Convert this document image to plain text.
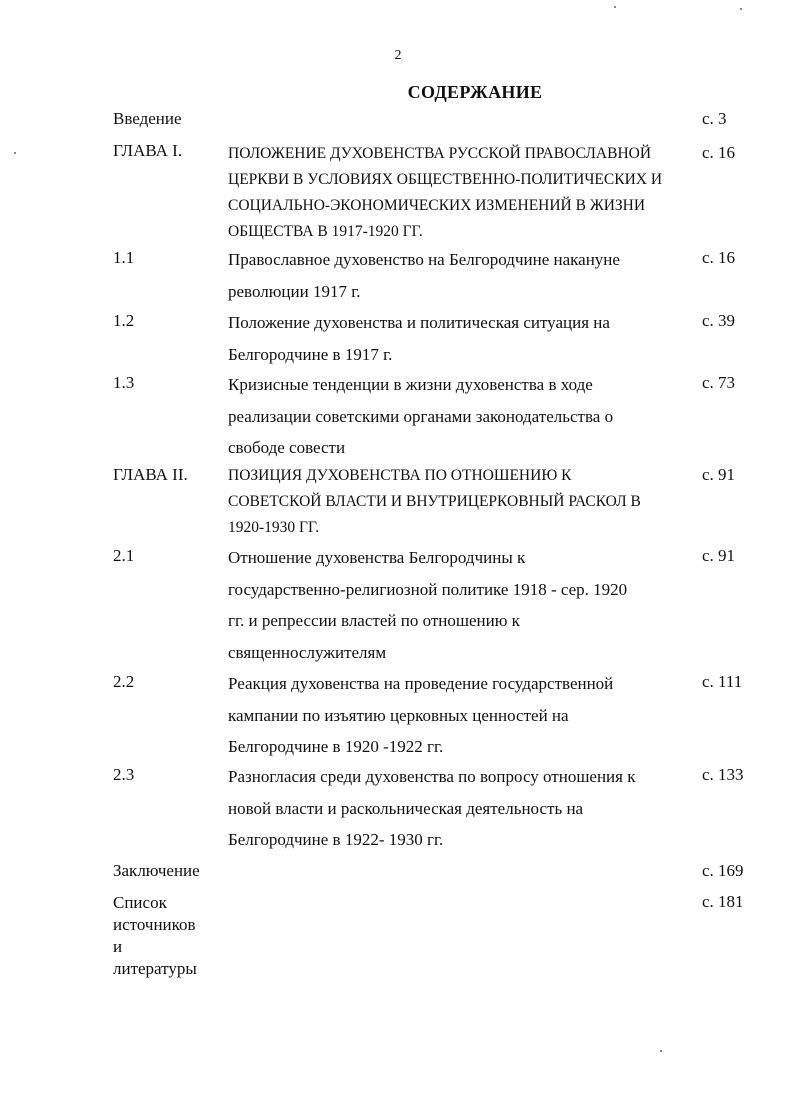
2
СОДЕРЖАНИЕ
Введение	с. 3
ГЛАВА I.	ПОЛОЖЕНИЕ ДУХОВЕНСТВА РУССКОЙ ПРАВОСЛАВНОЙ
ЦЕРКВИ В УСЛОВИЯХ ОБЩЕСТВЕННО-ПОЛИТИЧЕСКИХ И
СОЦИАЛЬНО-ЭКОНОМИЧЕСКИХ ИЗМЕНЕНИЙ В ЖИЗНИ
ОБЩЕСТВА В 1917-1920 ГГ.
с. 16
1.1	Православное духовенство на Белгородчине накануне
революции 1917 г.
с. 16
1.2	Положение духовенства и политическая ситуация на
Белгородчине в 1917 г.
с. 39
1.3	Кризисные тенденции в жизни духовенства в ходе
реализации советскими органами законодательства о
свободе совести
с. 73
ГЛАВА II.	ПОЗИЦИЯ ДУХОВЕНСТВА ПО ОТНОШЕНИЮ К
СОВЕТСКОЙ ВЛАСТИ И ВНУТРИЦЕРКОВНЫЙ РАСКОЛ В
1920-1930 ГГ.
с. 91
2.1	Отношение духовенства Белгородчины к
государственно-религиозной политике 1918 - сер. 1920
гг. и репрессии властей по отношению к
священнослужителям
с. 91
2.2	Реакция духовенства на проведение государственной
кампании по изъятию церковных ценностей на
Белгородчине в 1920 -1922 гг.
с. 111
2.3	Разногласия среди духовенства по вопросу отношения к
новой власти и раскольническая деятельность на
Белгородчине в 1922- 1930 гг.
с. 133
Заключение	с. 169
Список
источников
и
литературы
с. 181
